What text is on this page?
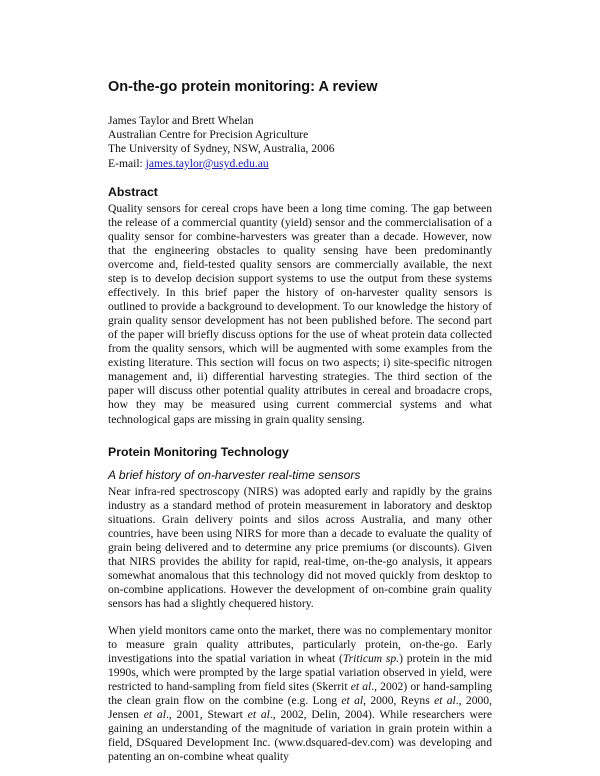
On-the-go protein monitoring: A review
James Taylor and Brett Whelan
Australian Centre for Precision Agriculture
The University of Sydney, NSW, Australia, 2006
E-mail: james.taylor@usyd.edu.au
Abstract

Quality sensors for cereal crops have been a long time coming. The gap between the release of a commercial quantity (yield) sensor and the commercialisation of a quality sensor for combine-harvesters was greater than a decade. However, now that the engineering obstacles to quality sensing have been predominantly overcome and, field-tested quality sensors are commercially available, the next step is to develop decision support systems to use the output from these systems effectively. In this brief paper the history of on-harvester quality sensors is outlined to provide a background to development. To our knowledge the history of grain quality sensor development has not been published before. The second part of the paper will briefly discuss options for the use of wheat protein data collected from the quality sensors, which will be augmented with some examples from the existing literature. This section will focus on two aspects; i) site-specific nitrogen management and, ii) differential harvesting strategies. The third section of the paper will discuss other potential quality attributes in cereal and broadacre crops, how they may be measured using current commercial systems and what technological gaps are missing in grain quality sensing.

Protein Monitoring Technology
A brief history of on-harvester real-time sensors

Near infra-red spectroscopy (NIRS) was adopted early and rapidly by the grains industry as a standard method of protein measurement in laboratory and desktop situations. Grain delivery points and silos across Australia, and many other countries, have been using NIRS for more than a decade to evaluate the quality of grain being delivered and to determine any price premiums (or discounts). Given that NIRS provides the ability for rapid, real-time, on-the-go analysis, it appears somewhat anomalous that this technology did not moved quickly from desktop to on-combine applications. However the development of on-combine grain quality sensors has had a slightly chequered history.

When yield monitors came onto the market, there was no complementary monitor to measure grain quality attributes, particularly protein, on-the-go. Early investigations into the spatial variation in wheat (Triticum sp.) protein in the mid 1990s, which were prompted by the large spatial variation observed in yield, were restricted to hand-sampling from field sites (Skerrit et al., 2002) or hand-sampling the clean grain flow on the combine (e.g. Long et al, 2000, Reyns et al., 2000, Jensen et al., 2001, Stewart et al., 2002, Delin, 2004). While researchers were gaining an understanding of the magnitude of variation in grain protein within a field, DSquared Development Inc. (www.dsquared-dev.com) was developing and patenting an on-combine wheat quality
